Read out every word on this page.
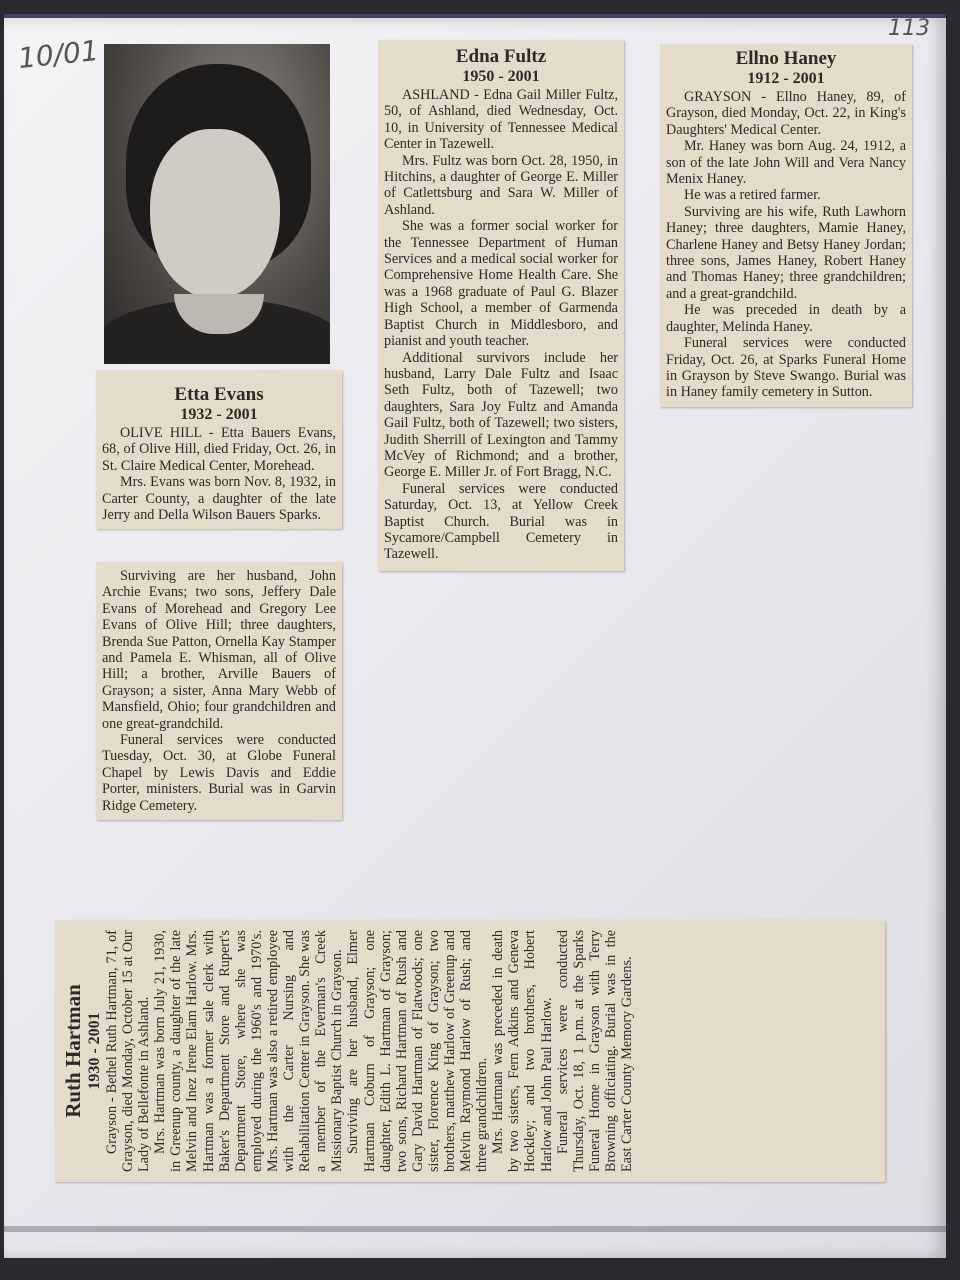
10/01
113

Etta Evans

1932 - 2001

OLIVE HILL - Etta Bauers Evans, 68, of Olive Hill, died Friday, Oct. 26, in St. Claire Medical Center, Morehead.

Mrs. Evans was born Nov. 8, 1932, in Carter County, a daughter of the late Jerry and Della Wilson Bauers Sparks.

Surviving are her husband, John Archie Evans; two sons, Jeffery Dale Evans of Morehead and Gregory Lee Evans of Olive Hill; three daughters, Brenda Sue Patton, Ornella Kay Stamper and Pamela E. Whisman, all of Olive Hill; a brother, Arville Bauers of Grayson; a sister, Anna Mary Webb of Mansfield, Ohio; four grandchildren and one great-grandchild.

Funeral services were conducted Tuesday, Oct. 30, at Globe Funeral Chapel by Lewis Davis and Eddie Porter, ministers. Burial was in Garvin Ridge Cemetery.

Edna Fultz

1950 - 2001

ASHLAND - Edna Gail Miller Fultz, 50, of Ashland, died Wednesday, Oct. 10, in University of Tennessee Medical Center in Tazewell.

Mrs. Fultz was born Oct. 28, 1950, in Hitchins, a daughter of George E. Miller of Catlettsburg and Sara W. Miller of Ashland.

She was a former social worker for the Tennessee Department of Human Services and a medical social worker for Comprehensive Home Health Care. She was a 1968 graduate of Paul G. Blazer High School, a member of Garmenda Baptist Church in Middlesboro, and pianist and youth teacher.

Additional survivors include her husband, Larry Dale Fultz and Isaac Seth Fultz, both of Tazewell; two daughters, Sara Joy Fultz and Amanda Gail Fultz, both of Tazewell; two sisters, Judith Sherrill of Lexington and Tammy McVey of Richmond; and a brother, George E. Miller Jr. of Fort Bragg, N.C.

Funeral services were conducted Saturday, Oct. 13, at Yellow Creek Baptist Church. Burial was in Sycamore/Campbell Cemetery in Tazewell.

Ellno Haney

1912 - 2001

GRAYSON - Ellno Haney, 89, of Grayson, died Monday, Oct. 22, in King's Daughters' Medical Center.

Mr. Haney was born Aug. 24, 1912, a son of the late John Will and Vera Nancy Menix Haney.

He was a retired farmer.

Surviving are his wife, Ruth Lawhorn Haney; three daughters, Mamie Haney, Charlene Haney and Betsy Haney Jordan; three sons, James Haney, Robert Haney and Thomas Haney; three grandchildren; and a great-grandchild.

He was preceded in death by a daughter, Melinda Haney.

Funeral services were conducted Friday, Oct. 26, at Sparks Funeral Home in Grayson by Steve Swango. Burial was in Haney family cemetery in Sutton.

Ruth Hartman 1930 - 2001 Grayson - Bethel Ruth Hartman, 71, of Grayson, died Monday, October 15 at Our Lady of Bellefonte in Ashland. Mrs. Hartman was born July 21, 1930, in Greenup county, a daughter of the late Melvin and Inez Irene Elam Harlow. Mrs. Hartman was a former sale clerk with Baker's Department Store and Rupert's Department Store, where she was employed during the 1960's and 1970's. Mrs. Hartman was also a retired employee with the Carter Nursing and Rehabilitation Center in Grayson. She was a member of the Everman's Creek Missionary Baptist Church in Grayson. Surviving are her husband, Elmer Hartman Coburn of Grayson; one daughter, Edith L. Hartman of Grayson; two sons, Richard Hartman of Rush and Gary David Hartman of Flatwoods; one sister, Florence King of Grayson; two brothers, matthew Harlow of Greenup and Melvin Raymond Harlow of Rush; and three grandchildren. Mrs. Hartman was preceded in death by two sisters, Fern Adkins and Geneva Hockley; and two brothers, Hobert Harlow and John Paul Harlow. Funeral services were conducted Thursday, Oct. 18, 1 p.m. at the Sparks Funeral Home in Grayson with Terry Browning officiating. Burial was in the East Carter County Memory Gardens.
